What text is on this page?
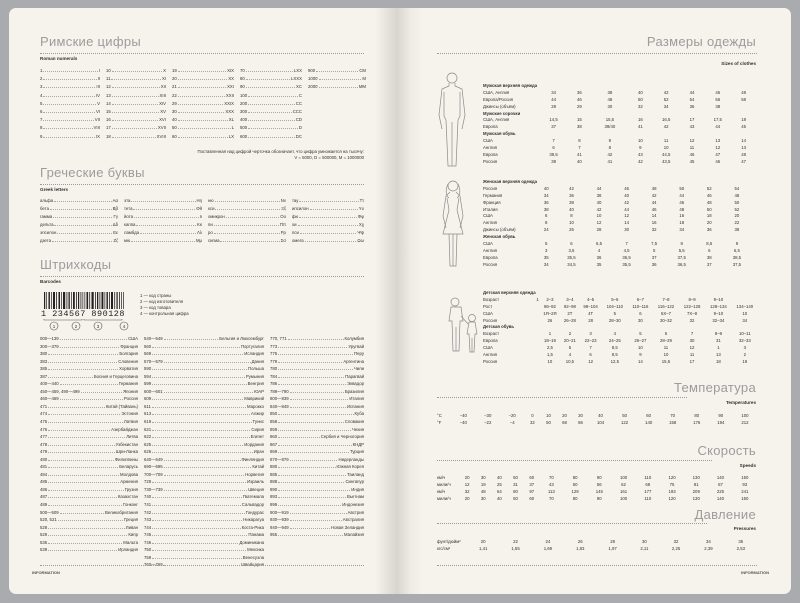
Римские цифры
Roman numerals
1	I
2	II
3	III
4	IV
5	V
6	VI
7	VII
8	VIII
9	IX
10	X
11	XI
12	XII
13	XIII
14	XIV
15	XV
16	XVI
17	XVII
18	XVIII
19	XIX
20	XX
21	XXI
22	XXII
29	XXIX
30	XXX
40	XL
50	L
60	LX
70	LXX
80	LXXX
90	XC
100	C
200	CC
300	CCC
400	CD
500	D
600	DC
900	CM
1000	M
2000	MM
Поставленная над цифрой черточка обозначает, что цифра умножается на тысячу:
V = 5000, D = 500000, M = 1000000
Греческие буквы
Greek letters
альфа	Αα
бета	Ββ
гамма	Γγ
дельта	Δδ
эпсилон	Εε
дзета	Ζζ
эта	Ηη
тета	Θθ
йота	Ιι
каппа	Κκ
ламбда	Λλ
мю	Μμ
ню	Νν
кси	Ξξ
омикрон	Οο
пи	Ππ
ро	Ρρ
сигма	Σσ
тау	Ττ
ипсилон	Υυ
фи	Φφ
хи	Χχ
пси	Ψψ
омега	Ωω
Штрихкоды
Barcodes
1	2	3	4
1 234567 890128
1 — код страны
2 — код изготовителя
3 — код товара
4 — контрольная цифра
000—139	США
300—379	Франция
380	Болгария
383	Словения
385	Хорватия
387	Босния и Герцеговина
400—440	Германия
450—459, 490—499	Япония
460—469	Россия
471	Китай (Тайвань)
474	Эстония
475	Латвия
476	Азербайджан
477	Литва
478	Узбекистан
479	Шри-Ланка
480	Филиппины
481	Беларусь
484	Молдова
485	Армения
486	Грузия
487	Казахстан
489	Гонконг
500—509	Великобритания
520, 521	Греция
528	Ливан
529	Кипр
535	Мальта
539	Ирландия
540—549	Бельгия и Люксембург
560	Португалия
569	Исландия
570—579	Дания
590	Польша
594	Румыния
599	Венгрия
600—601	ЮАР
609	Маврикий
611	Марокко
613	Алжир
619	Тунис
621	Сирия
622	Египет
625	Иордания
626	Иран
640—649	Финляндия
690—695	Китай
700—709	Норвегия
729	Израиль
730—739	Швеция
740	Гватемала
741	Сальвадор
742	Гондурас
743	Никарагуа
744	Коста-Рика
745	Панама
746	Доминикана
750	Мексика
759	Венесуэла
760—769	Швейцария
770, 771	Колумбия
773	Уругвай
775	Перу
779	Аргентина
780	Чили
784	Парагвай
786	Эквадор
789—790	Бразилия
800—839	Италия
840—849	Испания
850	Куба
858	Словакия
859	Чехия
860	Сербия и Черногория
867	КНДР
869	Турция
870—879	Нидерланды
880	Южная Корея
885	Таиланд
888	Сингапур
890	Индия
893	Вьетнам
899	Индонезия
900—919	Австрия
930—939	Австралия
940—949	Новая Зеландия
955	Малайзия
INFORMATION
Размеры одежды
Sizes of clothes
Мужская верхняя одежда								
США, Англия	34	36	38	40	42	44	46	48
Европа/Россия	44	46	48	50	52	54	56	58
Джинсы (объём)	28	29	30	32	34	36	38	
Мужские сорочки								
США, Англия	14,5	15	15,5	16	16,5	17	17,5	18
Европа	37	38	39/40	41	42	43	44	45
Мужская обувь								
США	7	8	9	10	11	12	13	14
Англия	6	7	8	9	10	11	12	13
Европа	39,5	41	42	43	44,5	46	47	48
Россия	39	40	41	42	43,5	45	46	47
Женская верхняя одежда								
Россия	40	42	44	46	48	50	52	54
Германия	34	36	38	40	42	44	46	48
Франция	36	38	40	42	44	46	48	50
Италия	38	40	42	44	46	48	50	52
США	6	8	10	12	14	16	18	20
Англия	8	10	12	14	16	18	20	22
Джинсы (объём)	24	26	28	30	32	34	36	38
Женская обувь								
США	5	6	6,5	7	7,5	8	8,5	9
Англия	3	3,5	4	4,5	5	5,5	6	6,5
Европа	35	35,5	36	36,5	37	37,5	38	38,5
Россия	34	34,5	35	35,5	36	36,5	37	37,5
Детская верхняя одежда										
Возраст	1	2–3	3–4	4–5	5–6	6–7	7–8	8–9	9–10	
Рост		86–92	92–98	98–104	104–110	110–116	116–122	122–128	128–134	134–140
США		1Я–2Я	2Т	4Т	5	6	6Х–7	7Х–8	9–10	10
Россия		26	26–28	28	28–30	30	30–32	32	32–34	34
Детская обувь										
Возраст		1	2	3	4	5	6	7	8–9	10–11
Европа		18–19	20–21	22–23	24–25	26–27	28–29	30	31	32–33
США		2,5	5	7	8,5	10	11	12	1	3
Англия		1,5	4	6	8,5	9	10	11	13	2
Россия		10	10,5	12	12,5	14	15,5	17	18	19
Температура
Temperatures
°C	−40	−30	−20	0	10	20	30	40	50	60	70	80	90	100
°F	−40	−22	−4	32	50	68	86	104	122	140	158	176	194	212
Скорость
Speeds
км/ч	20	30	40	50	60	70	80	90	100	110	120	130	140	150
мили/ч	12	19	25	31	37	43	50	56	62	68	75	81	87	93
км/ч	32	48	64	80	97	113	129	145	161	177	193	209	225	241
мили/ч	20	30	40	50	60	70	80	90	100	110	120	130	140	150
Давление
Pressures
фунт/дюйм²		20	22	24	26	28	30	32	34	35
кгс/см²		1,41	1,55	1,69	1,83	1,97	2,11	2,25	2,39	2,53
INFORMATION
